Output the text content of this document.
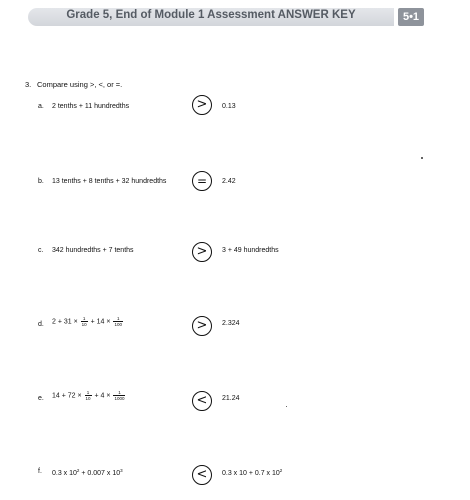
Grade 5, End of Module 1 Assessment ANSWER KEY	5•1
3. Compare using >, <, or =.
a. 2 tenths + 11 hundredths	>	0.13
b. 13 tenths + 8 tenths + 32 hundredths	=	2.42
c. 342 hundredths + 7 tenths	>	3 + 49 hundredths
d. $2 + 31 \times \frac{1}{10} + 14 \times \frac{1}{100}$	>	2.324
e. $14 + 72 \times \frac{1}{10} + 4 \times \frac{1}{1000}$	<	21.24
f. 0.3 x $10^2 + 0.007$ x $10^3$	<	0.3 x 10 + 0.7 x $10^2$
